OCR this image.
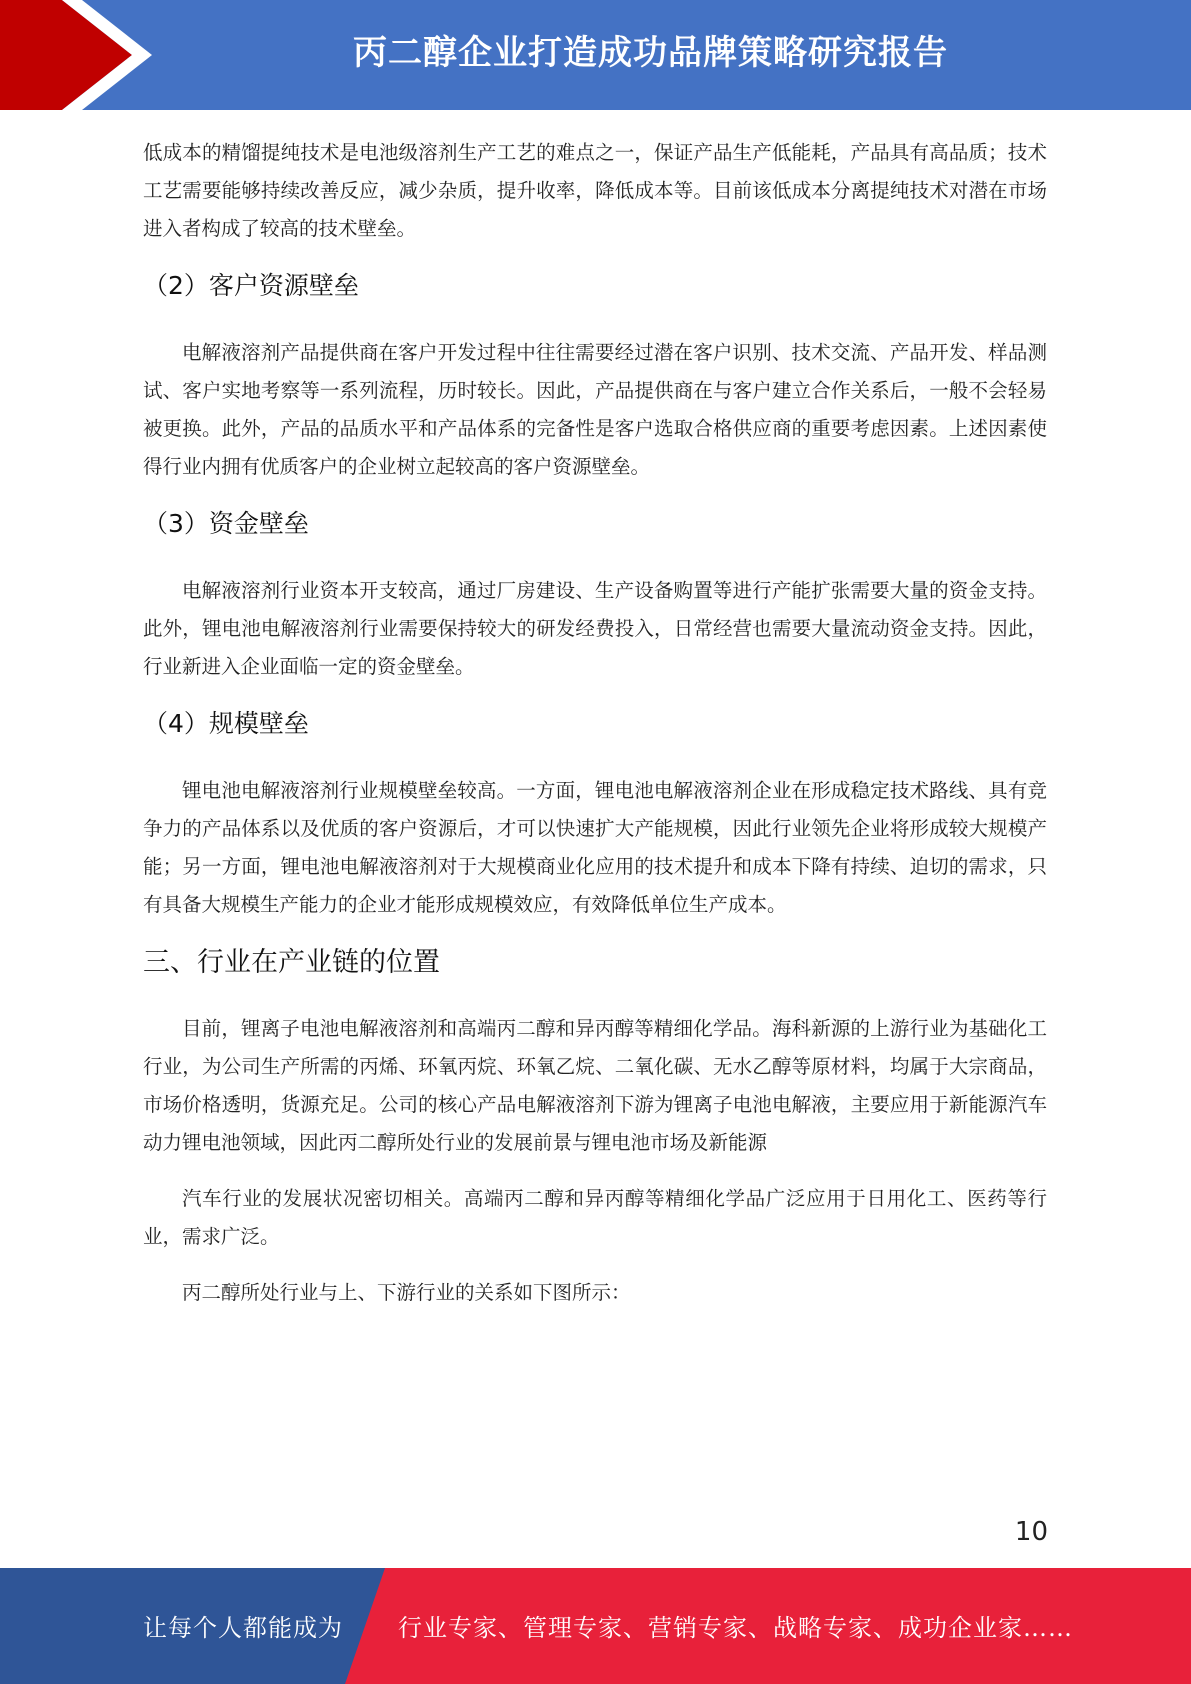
丙二醇企业打造成功品牌策略研究报告

低成本的精馏提纯技术是电池级溶剂生产工艺的难点之一，保证产品生产低能耗，产品具有高品质；技术工艺需要能够持续改善反应，减少杂质，提升收率，降低成本等。目前该低成本分离提纯技术对潜在市场进入者构成了较高的技术壁垒。

（2）客户资源壁垒

电解液溶剂产品提供商在客户开发过程中往往需要经过潜在客户识别、技术交流、产品开发、样品测试、客户实地考察等一系列流程，历时较长。因此，产品提供商在与客户建立合作关系后，一般不会轻易被更换。此外，产品的品质水平和产品体系的完备性是客户选取合格供应商的重要考虑因素。上述因素使得行业内拥有优质客户的企业树立起较高的客户资源壁垒。

（3）资金壁垒

电解液溶剂行业资本开支较高，通过厂房建设、生产设备购置等进行产能扩张需要大量的资金支持。此外，锂电池电解液溶剂行业需要保持较大的研发经费投入，日常经营也需要大量流动资金支持。因此，行业新进入企业面临一定的资金壁垒。

（4）规模壁垒

锂电池电解液溶剂行业规模壁垒较高。一方面，锂电池电解液溶剂企业在形成稳定技术路线、具有竞争力的产品体系以及优质的客户资源后，才可以快速扩大产能规模，因此行业领先企业将形成较大规模产能；另一方面，锂电池电解液溶剂对于大规模商业化应用的技术提升和成本下降有持续、迫切的需求，只有具备大规模生产能力的企业才能形成规模效应，有效降低单位生产成本。

三、行业在产业链的位置

目前，锂离子电池电解液溶剂和高端丙二醇和异丙醇等精细化学品。海科新源的上游行业为基础化工行业，为公司生产所需的丙烯、环氧丙烷、环氧乙烷、二氧化碳、无水乙醇等原材料，均属于大宗商品，市场价格透明，货源充足。公司的核心产品电解液溶剂下游为锂离子电池电解液，主要应用于新能源汽车动力锂电池领域，因此丙二醇所处行业的发展前景与锂电池市场及新能源

汽车行业的发展状况密切相关。高端丙二醇和异丙醇等精细化学品广泛应用于日用化工、医药等行业，需求广泛。

丙二醇所处行业与上、下游行业的关系如下图所示：

10
让每个人都能成为 行业专家、管理专家、营销专家、战略专家、成功企业家……
